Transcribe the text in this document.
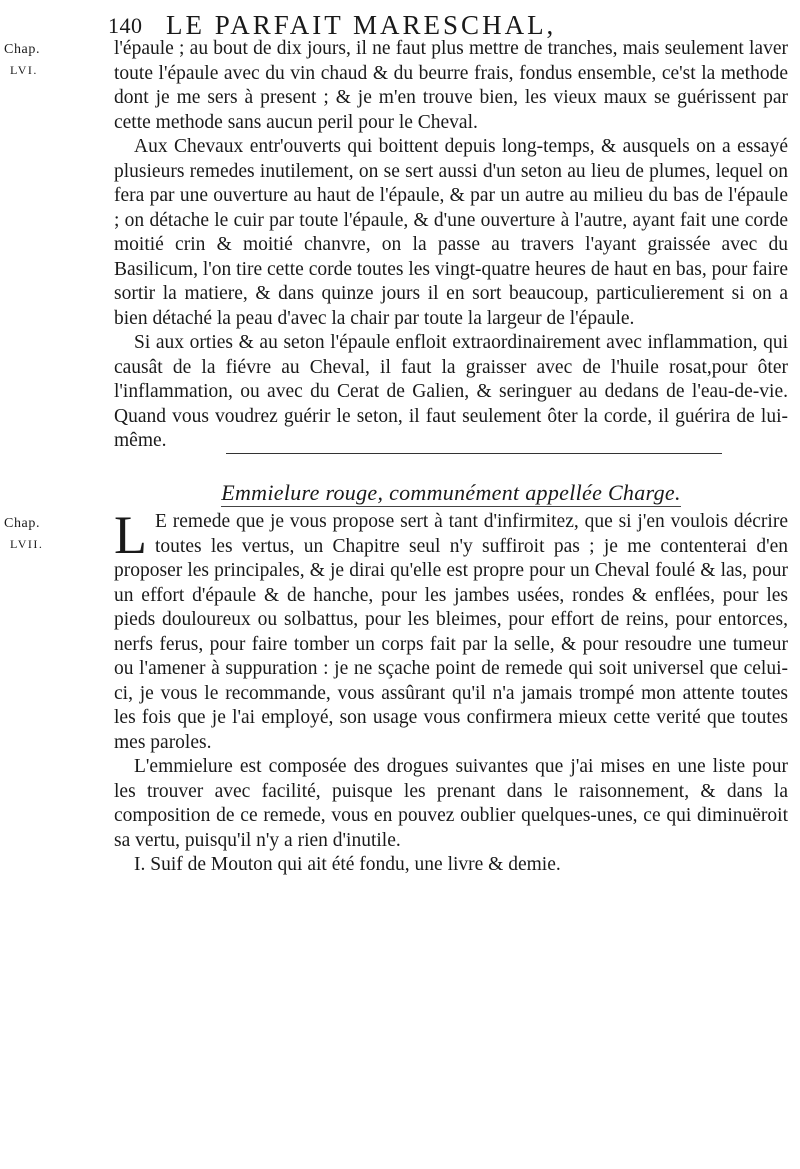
140 LE PARFAIT MARESCHAL,
Chap.
LVI.

l'épaule ; au bout de dix jours, il ne faut plus mettre de tranches, mais seulement laver toute l'épaule avec du vin chaud & du beurre frais, fondus ensemble, ce'st la methode dont je me sers à present ; & je m'en trouve bien, les vieux maux se guérissent par cette methode sans aucun peril pour le Cheval.

Aux Chevaux entr'ouverts qui boittent depuis long-temps, & ausquels on a essayé plusieurs remedes inutilement, on se sert aussi d'un seton au lieu de plumes, lequel on fera par une ouverture au haut de l'épaule, & par un autre au milieu du bas de l'épaule ; on détache le cuir par toute l'épaule, & d'une ouverture à l'autre, ayant fait une corde moitié crin & moitié chanvre, on la passe au travers l'ayant graissée avec du Basilicum, l'on tire cette corde toutes les vingt-quatre heures de haut en bas, pour faire sortir la matiere, & dans quinze jours il en sort beaucoup, particulierement si on a bien détaché la peau d'avec la chair par toute la largeur de l'épaule.

Si aux orties & au seton l'épaule enfloit extraordinairement avec inflammation, qui causât de la fiévre au Cheval, il faut la graisser avec de l'huile rosat,pour ôter l'inflammation, ou avec du Cerat de Galien, & seringuer au dedans de l'eau-de-vie. Quand vous voudrez guérir le seton, il faut seulement ôter la corde, il guérira de lui-même.

Emmielure rouge, communément appellée Charge.
Chap.
LVII. L E remede que je vous propose sert à tant d'infirmitez, que si j'en voulois décrire toutes les vertus, un Chapitre seul n'y suffiroit pas ; je me contenterai d'en proposer les principales, & je dirai qu'elle est propre pour un Cheval foulé & las, pour un effort d'épaule & de hanche, pour les jambes usées, rondes & enflées, pour les pieds douloureux ou solbattus, pour les bleimes, pour effort de reins, pour entorces, nerfs ferus, pour faire tomber un corps fait par la selle, & pour resoudre une tumeur ou l'amener à suppuration : je ne sçache point de remede qui soit universel que celui-ci, je vous le recommande, vous assûrant qu'il n'a jamais trompé mon attente toutes les fois que je l'ai employé, son usage vous confirmera mieux cette verité que toutes mes paroles.

L'emmielure est composée des drogues suivantes que j'ai mises en une liste pour les trouver avec facilité, puisque les prenant dans le raisonnement, & dans la composition de ce remede, vous en pouvez oublier quelques-unes, ce qui diminuëroit sa vertu, puisqu'il n'y a rien d'inutile.

I. Suif de Mouton qui ait été fondu, une livre & demie.
